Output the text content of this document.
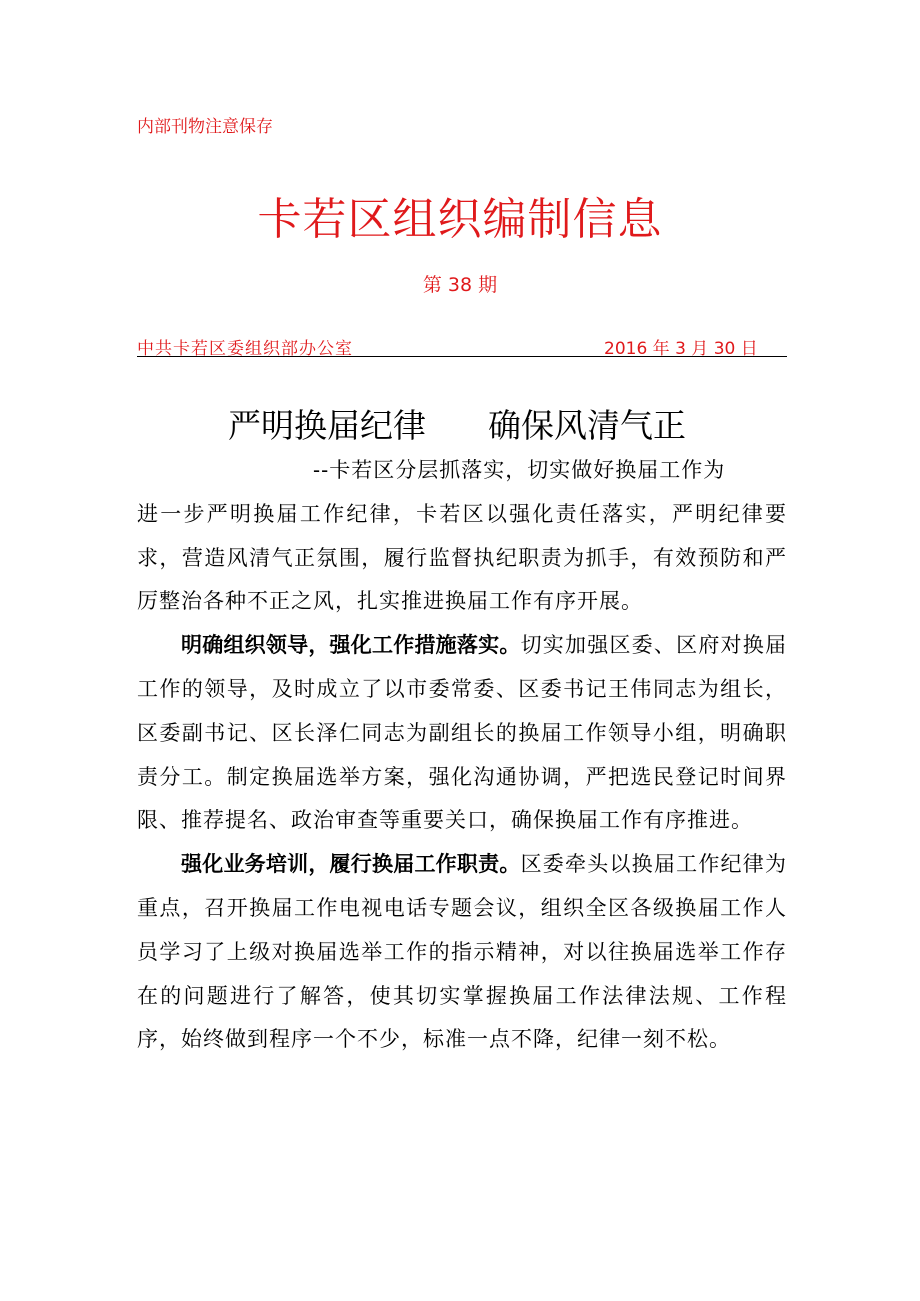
内部刊物注意保存
卡若区组织编制信息
第 38 期
中共卡若区委组织部办公室	2016 年 3 月 30 日
严明换届纪律 确保风清气正

--卡若区分层抓落实，切实做好换届工作为

进一步严明换届工作纪律，卡若区以强化责任落实，严明纪律要求，营造风清气正氛围，履行监督执纪职责为抓手，有效预防和严厉整治各种不正之风，扎实推进换届工作有序开展。

明确组织领导，强化工作措施落实。切实加强区委、区府对换届工作的领导，及时成立了以市委常委、区委书记王伟同志为组长，区委副书记、区长泽仁同志为副组长的换届工作领导小组，明确职责分工。制定换届选举方案，强化沟通协调，严把选民登记时间界限、推荐提名、政治审查等重要关口，确保换届工作有序推进。

强化业务培训，履行换届工作职责。区委牵头以换届工作纪律为重点，召开换届工作电视电话专题会议，组织全区各级换届工作人员学习了上级对换届选举工作的指示精神，对以往换届选举工作存在的问题进行了解答，使其切实掌握换届工作法律法规、工作程序，始终做到程序一个不少，标准一点不降，纪律一刻不松。
